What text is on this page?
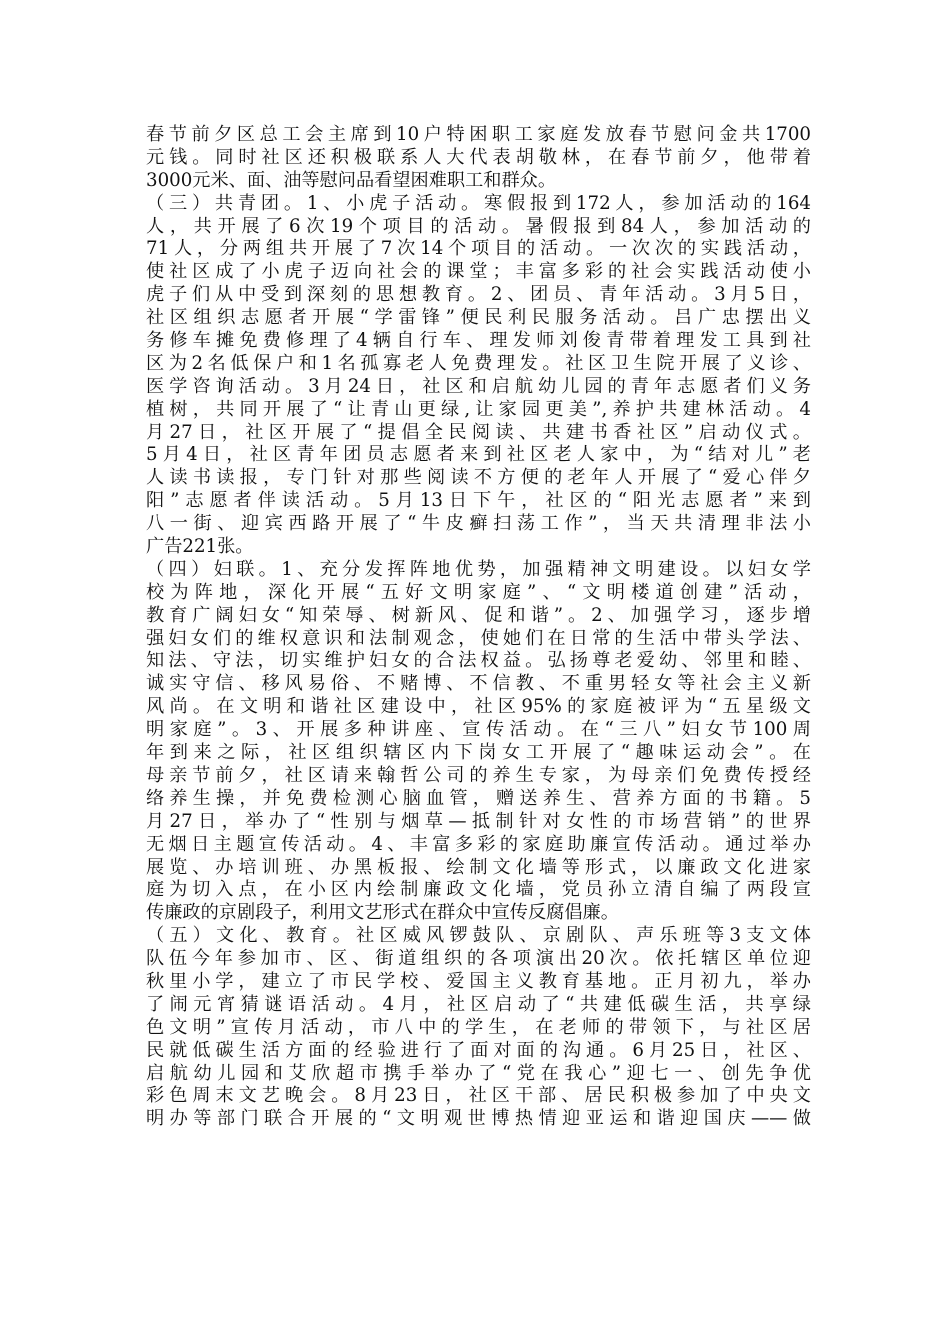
春节前夕区总工会主席到10户特困职工家庭发放春节慰问金共1700
元钱。同时社区还积极联系人大代表胡敬林，在春节前夕，他带着
3000元米、面、油等慰问品看望困难职工和群众。
（三）共青团。1、小虎子活动。寒假报到172人，参加活动的164
人，共开展了6次19个项目的活动。暑假报到84人，参加活动的
71人，分两组共开展了7次14个项目的活动。一次次的实践活动，
使社区成了小虎子迈向社会的课堂；丰富多彩的社会实践活动使小
虎子们从中受到深刻的思想教育。2、团员、青年活动。3月5日，
社区组织志愿者开展“学雷锋”便民利民服务活动。吕广忠摆出义
务修车摊免费修理了4辆自行车、理发师刘俊青带着理发工具到社
区为2名低保户和1名孤寡老人免费理发。社区卫生院开展了义诊、
医学咨询活动。3月24日，社区和启航幼儿园的青年志愿者们义务
植树，共同开展了“让青山更绿,让家园更美”,养护共建林活动。4
月27日，社区开展了“提倡全民阅读、共建书香社区”启动仪式。
5月4日，社区青年团员志愿者来到社区老人家中，为“结对儿”老
人读书读报，专门针对那些阅读不方便的老年人开展了“爱心伴夕
阳”志愿者伴读活动。5月13日下午，社区的“阳光志愿者”来到
八一街、迎宾西路开展了“牛皮癣扫荡工作”，当天共清理非法小
广告221张。
（四）妇联。1、充分发挥阵地优势，加强精神文明建设。以妇女学
校为阵地，深化开展“五好文明家庭”、“文明楼道创建”活动，
教育广阔妇女“知荣辱、树新风、促和谐”。2、加强学习，逐步增
强妇女们的维权意识和法制观念，使她们在日常的生活中带头学法、
知法、守法，切实维护妇女的合法权益。弘扬尊老爱幼、邻里和睦、
诚实守信、移风易俗、不赌博、不信教、不重男轻女等社会主义新
风尚。在文明和谐社区建设中，社区95%的家庭被评为“五星级文
明家庭”。3、开展多种讲座、宣传活动。在“三八”妇女节100周
年到来之际，社区组织辖区内下岗女工开展了“趣味运动会”。在
母亲节前夕，社区请来翰哲公司的养生专家，为母亲们免费传授经
络养生操，并免费检测心脑血管，赠送养生、营养方面的书籍。5
月27日，举办了“性别与烟草—抵制针对女性的市场营销”的世界
无烟日主题宣传活动。4、丰富多彩的家庭助廉宣传活动。通过举办
展览、办培训班、办黑板报、绘制文化墙等形式，以廉政文化进家
庭为切入点，在小区内绘制廉政文化墙，党员孙立清自编了两段宣
传廉政的京剧段子，利用文艺形式在群众中宣传反腐倡廉。
（五）文化、教育。社区威风锣鼓队、京剧队、声乐班等3支文体
队伍今年参加市、区、街道组织的各项演出20次。依托辖区单位迎
秋里小学，建立了市民学校、爱国主义教育基地。正月初九，举办
了闹元宵猜谜语活动。4月，社区启动了“共建低碳生活，共享绿
色文明”宣传月活动，市八中的学生，在老师的带领下，与社区居
民就低碳生活方面的经验进行了面对面的沟通。6月25日，社区、
启航幼儿园和艾欣超市携手举办了“党在我心”迎七一、创先争优
彩色周末文艺晚会。8月23日，社区干部、居民积极参加了中央文
明办等部门联合开展的“文明观世博热情迎亚运和谐迎国庆——做
